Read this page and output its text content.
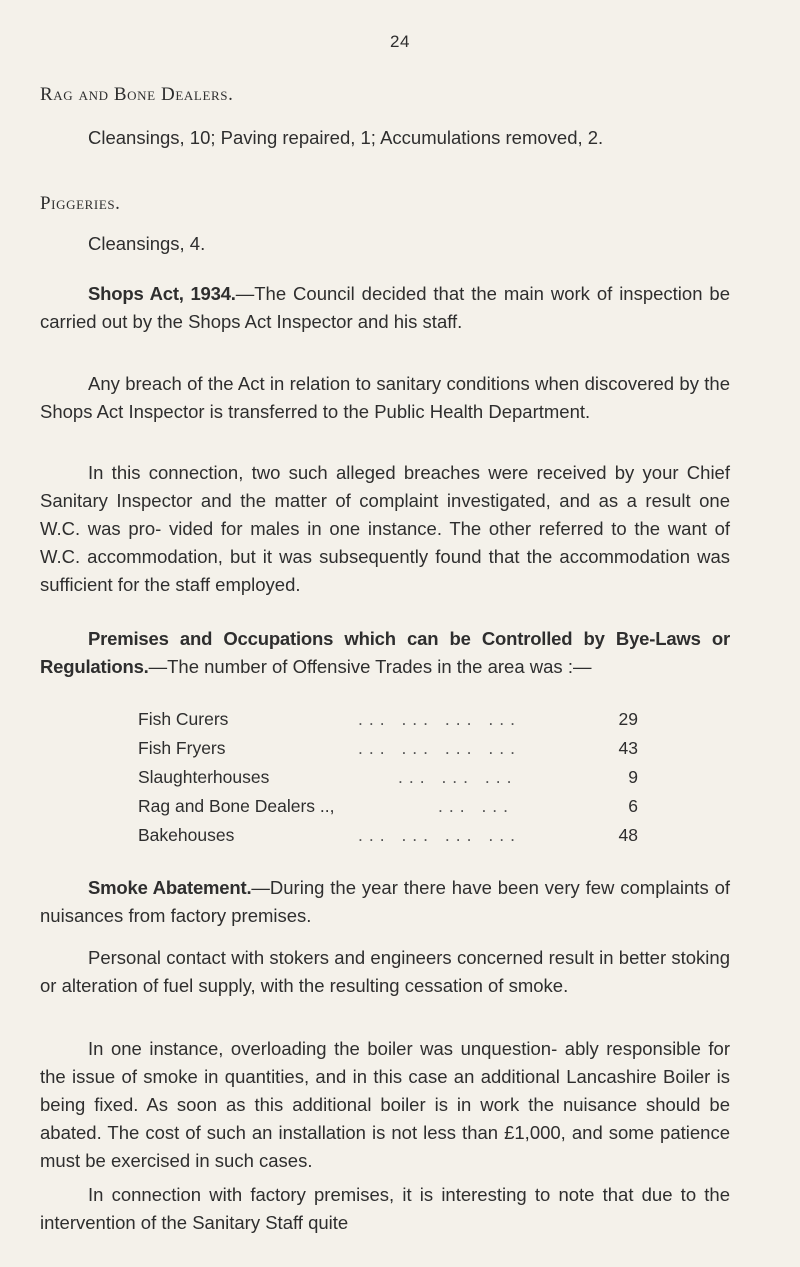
24
Rag and Bone Dealers.
Cleansings, 10; Paving repaired, 1; Accumulations removed, 2.
Piggeries.
Cleansings, 4.
Shops Act, 1934.—The Council decided that the main work of inspection be carried out by the Shops Act Inspector and his staff.
Any breach of the Act in relation to sanitary conditions when discovered by the Shops Act Inspector is transferred to the Public Health Department.
In this connection, two such alleged breaches were received by your Chief Sanitary Inspector and the matter of complaint investigated, and as a result one W.C. was pro- vided for males in one instance. The other referred to the want of W.C. accommodation, but it was subsequently found that the accommodation was sufficient for the staff employed.
Premises and Occupations which can be Controlled by Bye-Laws or Regulations.—The number of Offensive Trades in the area was :—
Fish Curers	... ... ... ...	29
Fish Fryers	... ... ... ...	43
Slaughterhouses	... ... ...	9
Rag and Bone Dealers ..,	... ...	6
Bakehouses	... ... ... ...	48
Smoke Abatement.—During the year there have been very few complaints of nuisances from factory premises.
Personal contact with stokers and engineers concerned result in better stoking or alteration of fuel supply, with the resulting cessation of smoke.
In one instance, overloading the boiler was unquestion- ably responsible for the issue of smoke in quantities, and in this case an additional Lancashire Boiler is being fixed. As soon as this additional boiler is in work the nuisance should be abated. The cost of such an installation is not less than £1,000, and some patience must be exercised in such cases.
In connection with factory premises, it is interesting to note that due to the intervention of the Sanitary Staff quite
